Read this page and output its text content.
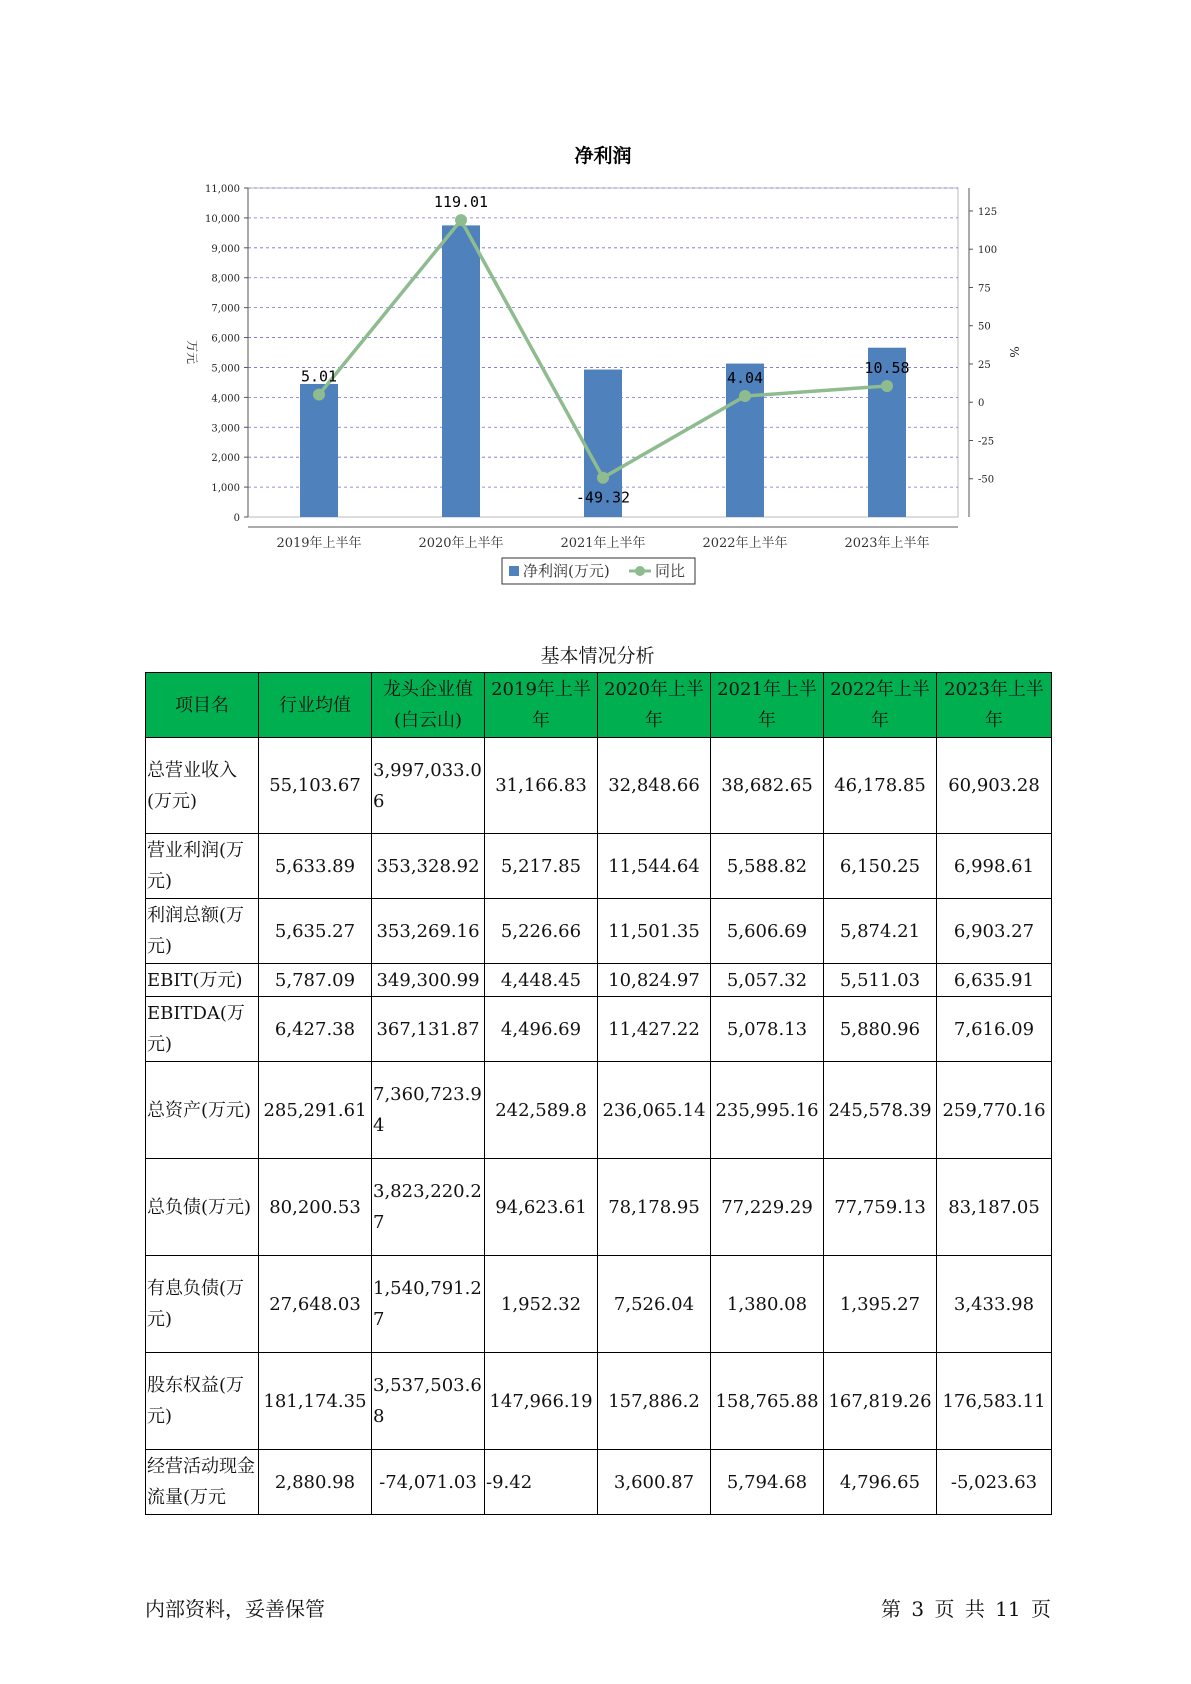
净利润
0
1,000
2,000
3,000
4,000
5,000
6,000
7,000
8,000
9,000
10,000
11,000
-50
-25
0
25
50
75
100
125
万元	%
2019年上半年	2020年上半年	2021年上半年	2022年上半年	2023年上半年
5.01
119.01
-49.32
4.04
10.58
净利润(万元)	同比
基本情况分析
项目名	行业均值	龙头企业值(白云山)	2019年上半年	2020年上半年	2021年上半年	2022年上半年	2023年上半年
总营业收入(万元)	55,103.67	3,997,033.06	31,166.83	32,848.66	38,682.65	46,178.85	60,903.28
营业利润(万元)	5,633.89	353,328.92	5,217.85	11,544.64	5,588.82	6,150.25	6,998.61
利润总额(万元)	5,635.27	353,269.16	5,226.66	11,501.35	5,606.69	5,874.21	6,903.27
EBIT(万元)	5,787.09	349,300.99	4,448.45	10,824.97	5,057.32	5,511.03	6,635.91
EBITDA(万元)	6,427.38	367,131.87	4,496.69	11,427.22	5,078.13	5,880.96	7,616.09
总资产(万元)	285,291.61	7,360,723.94	242,589.8	236,065.14	235,995.16	245,578.39	259,770.16
总负债(万元)	80,200.53	3,823,220.27	94,623.61	78,178.95	77,229.29	77,759.13	83,187.05
有息负债(万元)	27,648.03	1,540,791.27	1,952.32	7,526.04	1,380.08	1,395.27	3,433.98
股东权益(万元)	181,174.35	3,537,503.68	147,966.19	157,886.2	158,765.88	167,819.26	176,583.11
经营活动现金流量(万元	2,880.98	-74,071.03	-9.42	3,600.87	5,794.68	4,796.65	-5,023.63
内部资料，妥善保管	第 3 页 共 11 页
